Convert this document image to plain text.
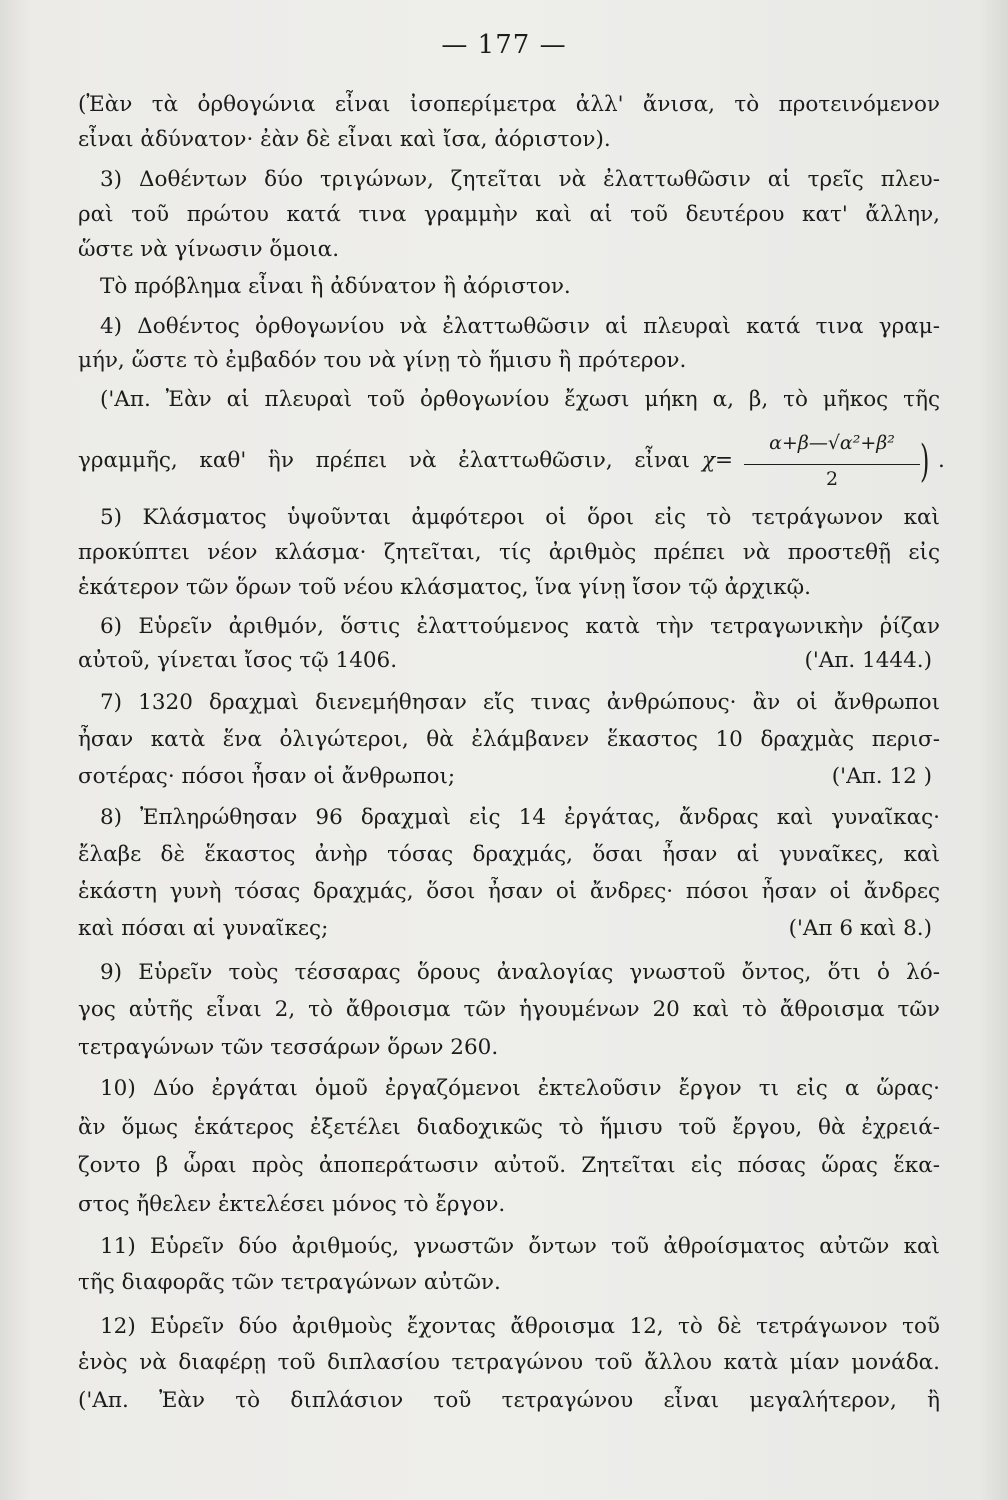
— 177 —
(Ἐὰν τὰ ὀρθογώνια εἶναι ἰσοπερίμετρα ἀλλ' ἄνισα, τὸ προτεινόμενον
εἶναι ἀδύνατον· ἐὰν δὲ εἶναι καὶ ἴσα, ἀόριστον).
3) Δοθέντων δύο τριγώνων, ζητεῖται νὰ ἐλαττωθῶσιν αἱ τρεῖς πλευ-
ραὶ τοῦ πρώτου κατά τινα γραμμὴν καὶ αἱ τοῦ δευτέρου κατ' ἄλλην,
ὥστε νὰ γίνωσιν ὅμοια.
Τὸ πρόβλημα εἶναι ἢ ἀδύνατον ἢ ἀόριστον.
4) Δοθέντος ὀρθογωνίου νὰ ἐλαττωθῶσιν αἱ πλευραὶ κατά τινα γραμ-
μήν, ὥστε τὸ ἐμβαδόν του νὰ γίνῃ τὸ ἥμισυ ἢ πρότερον.
('Απ. Ἐὰν αἱ πλευραὶ τοῦ ὀρθογωνίου ἔχωσι μήκη α, β, τὸ μῆκος τῆς
γραμμῆς, καθ' ἣν πρέπει νὰ ἐλαττωθῶσιν, εἶναι χ=
α+β—√α²+β²
2	) .
5) Κλάσματος ὑψοῦνται ἀμφότεροι οἱ ὅροι εἰς τὸ τετράγωνον καὶ
προκύπτει νέον κλάσμα· ζητεῖται, τίς ἀριθμὸς πρέπει νὰ προστεθῇ εἰς
ἑκάτερον τῶν ὅρων τοῦ νέου κλάσματος, ἵνα γίνῃ ἴσον τῷ ἀρχικῷ.
6) Εὑρεῖν ἀριθμόν, ὅστις ἐλαττούμενος κατὰ τὴν τετραγωνικὴν ῥίζαν
αὐτοῦ, γίνεται ἴσος τῷ 1406.	('Απ. 1444.)
7) 1320 δραχμαὶ διενεμήθησαν εἴς τινας ἀνθρώπους· ἂν οἱ ἄνθρωποι
ἦσαν κατὰ ἕνα ὀλιγώτεροι, θὰ ἐλάμβανεν ἕκαστος 10 δραχμὰς περισ-
σοτέρας· πόσοι ἦσαν οἱ ἄνθρωποι;	('Απ. 12 )
8) Ἐπληρώθησαν 96 δραχμαὶ εἰς 14 ἐργάτας, ἄνδρας καὶ γυναῖκας·
ἔλαβε δὲ ἕκαστος ἀνὴρ τόσας δραχμάς, ὅσαι ἦσαν αἱ γυναῖκες, καὶ
ἑκάστη γυνὴ τόσας δραχμάς, ὅσοι ἦσαν οἱ ἄνδρες· πόσοι ἦσαν οἱ ἄνδρες
καὶ πόσαι αἱ γυναῖκες;	('Απ 6 καὶ 8.)
9) Εὑρεῖν τοὺς τέσσαρας ὅρους ἀναλογίας γνωστοῦ ὄντος, ὅτι ὁ λό-
γος αὐτῆς εἶναι 2, τὸ ἄθροισμα τῶν ἡγουμένων 20 καὶ τὸ ἄθροισμα τῶν
τετραγώνων τῶν τεσσάρων ὅρων 260.
10) Δύο ἐργάται ὁμοῦ ἐργαζόμενοι ἐκτελοῦσιν ἔργον τι εἰς α ὥρας·
ἂν ὅμως ἑκάτερος ἐξετέλει διαδοχικῶς τὸ ἥμισυ τοῦ ἔργου, θὰ ἐχρειά-
ζοντο β ὧραι πρὸς ἀποπεράτωσιν αὐτοῦ. Ζητεῖται εἰς πόσας ὥρας ἕκα-
στος ἤθελεν ἐκτελέσει μόνος τὸ ἔργον.
11) Εὑρεῖν δύο ἀριθμούς, γνωστῶν ὄντων τοῦ ἀθροίσματος αὐτῶν καὶ
τῆς διαφορᾶς τῶν τετραγώνων αὐτῶν.
12) Εὑρεῖν δύο ἀριθμοὺς ἔχοντας ἄθροισμα 12, τὸ δὲ τετράγωνον τοῦ
ἑνὸς νὰ διαφέρῃ τοῦ διπλασίου τετραγώνου τοῦ ἄλλου κατὰ μίαν μονάδα.
('Απ. Ἐὰν τὸ διπλάσιον τοῦ τετραγώνου εἶναι μεγαλήτερον, ἢ
